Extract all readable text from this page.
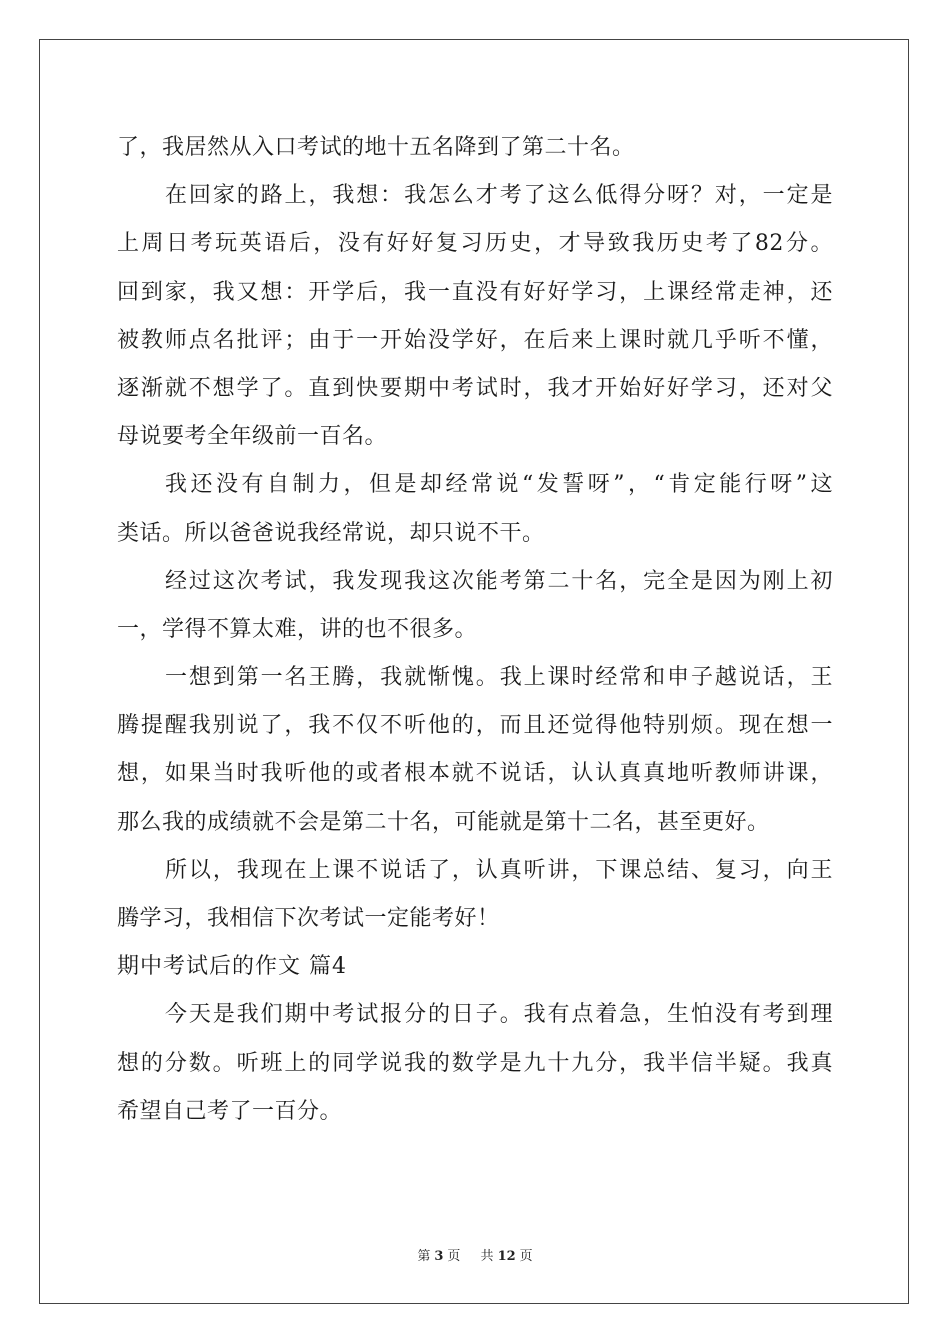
了，我居然从入口考试的地十五名降到了第二十名。
在回家的路上，我想：我怎么才考了这么低得分呀？对，一定是
上周日考玩英语后，没有好好复习历史，才导致我历史考了82分。
回到家，我又想：开学后，我一直没有好好学习，上课经常走神，还
被教师点名批评；由于一开始没学好，在后来上课时就几乎听不懂，
逐渐就不想学了。直到快要期中考试时，我才开始好好学习，还对父
母说要考全年级前一百名。
我还没有自制力，但是却经常说“发誓呀”，“肯定能行呀”这
类话。所以爸爸说我经常说，却只说不干。
经过这次考试，我发现我这次能考第二十名，完全是因为刚上初
一，学得不算太难，讲的也不很多。
一想到第一名王腾，我就惭愧。我上课时经常和申子越说话，王
腾提醒我别说了，我不仅不听他的，而且还觉得他特别烦。现在想一
想，如果当时我听他的或者根本就不说话，认认真真地听教师讲课，
那么我的成绩就不会是第二十名，可能就是第十二名，甚至更好。
所以，我现在上课不说话了，认真听讲，下课总结、复习，向王
腾学习，我相信下次考试一定能考好！
期中考试后的作文 篇4
今天是我们期中考试报分的日子。我有点着急，生怕没有考到理
想的分数。听班上的同学说我的数学是九十九分，我半信半疑。我真
希望自己考了一百分。
第 3 页 共 12 页
